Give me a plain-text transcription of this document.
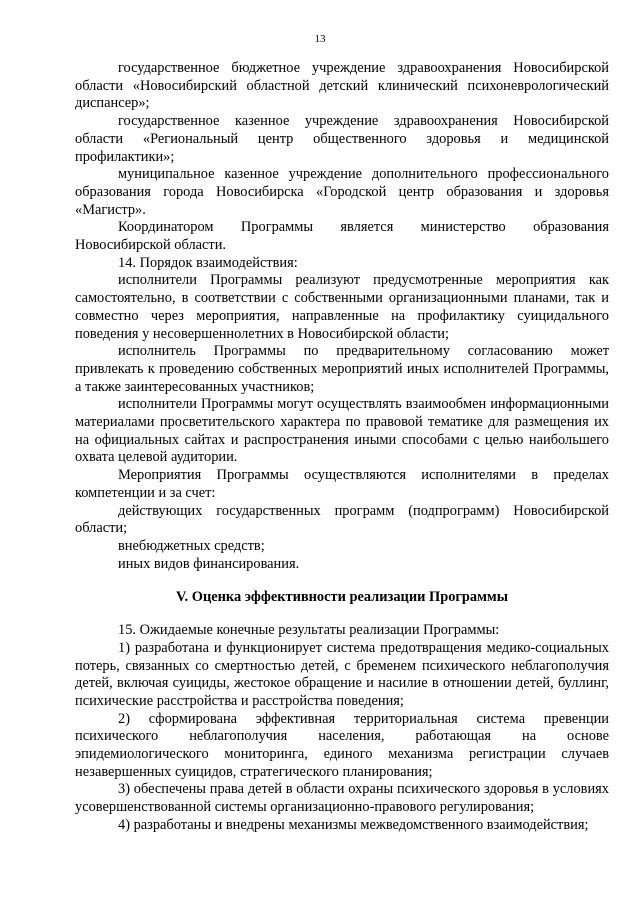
13

государственное бюджетное учреждение здравоохранения Новосибирской области «Новосибирский областной детский клинический психоневрологический диспансер»;

государственное казенное учреждение здравоохранения Новосибирской области «Региональный центр общественного здоровья и медицинской профилактики»;

муниципальное казенное учреждение дополнительного профессионального образования города Новосибирска «Городской центр образования и здоровья «Магистр».

Координатором Программы является министерство образования Новосибирской области.

14. Порядок взаимодействия:

исполнители Программы реализуют предусмотренные мероприятия как самостоятельно, в соответствии с собственными организационными планами, так и совместно через мероприятия, направленные на профилактику суицидального поведения у несовершеннолетних в Новосибирской области;

исполнитель Программы по предварительному согласованию может привлекать к проведению собственных мероприятий иных исполнителей Программы, а также заинтересованных участников;

исполнители Программы могут осуществлять взаимообмен информационными материалами просветительского характера по правовой тематике для размещения их на официальных сайтах и распространения иными способами с целью наибольшего охвата целевой аудитории.

Мероприятия Программы осуществляются исполнителями в пределах компетенции и за счет:

действующих государственных программ (подпрограмм) Новосибирской области;

внебюджетных средств;

иных видов финансирования.

V. Оценка эффективности реализации Программы

15. Ожидаемые конечные результаты реализации Программы:

1) разработана и функционирует система предотвращения медико-социальных потерь, связанных со смертностью детей, с бременем психического неблагополучия детей, включая суициды, жестокое обращение и насилие в отношении детей, буллинг, психические расстройства и расстройства поведения;

2) сформирована эффективная территориальная система превенции психического неблагополучия населения, работающая на основе эпидемиологического мониторинга, единого механизма регистрации случаев незавершенных суицидов, стратегического планирования;

3) обеспечены права детей в области охраны психического здоровья в условиях усовершенствованной системы организационно-правового регулирования;

4) разработаны и внедрены механизмы межведомственного взаимодействия;
